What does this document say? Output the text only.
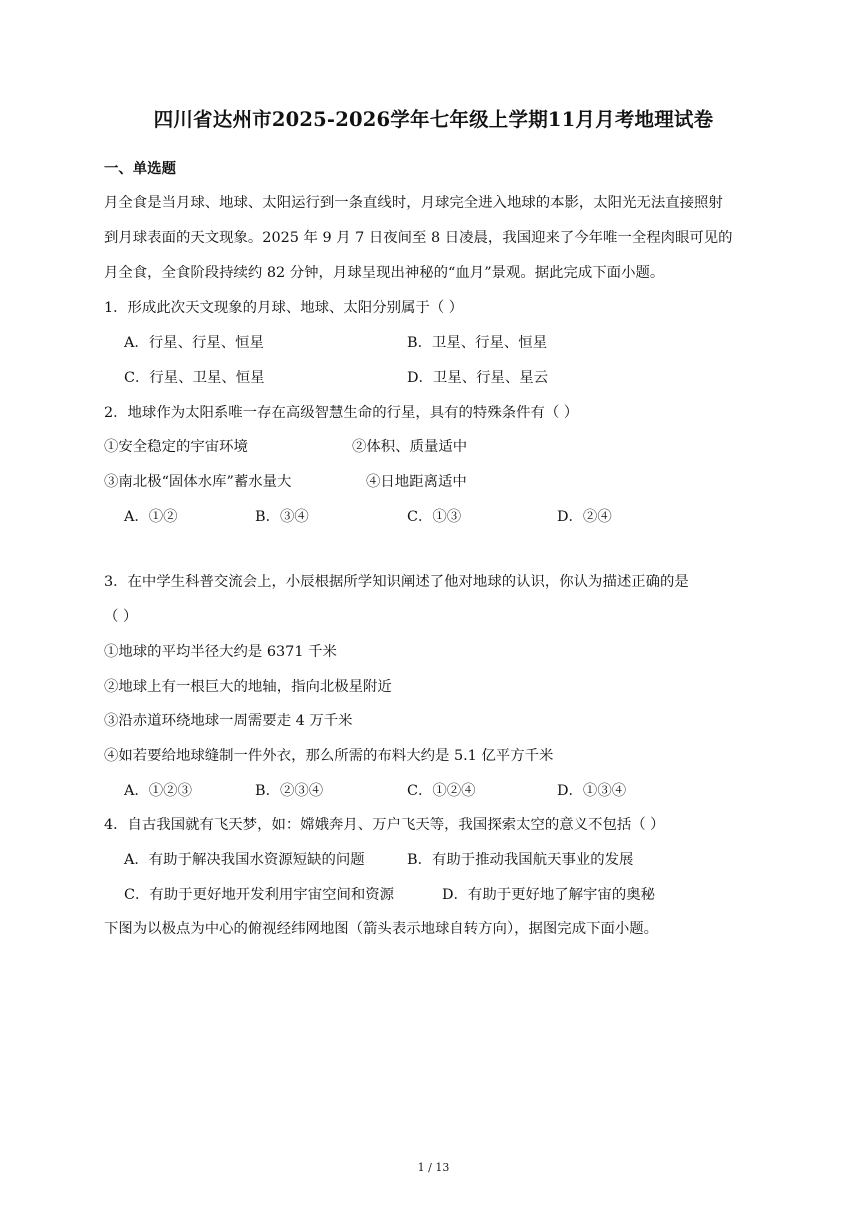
四川省达州市2025-2026学年七年级上学期11月月考地理试卷
一、单选题
月全食是当月球、地球、太阳运行到一条直线时，月球完全进入地球的本影，太阳光无法直接照射
到月球表面的天文现象。2025 年 9 月 7 日夜间至 8 日凌晨，我国迎来了今年唯一全程肉眼可见的
月全食，全食阶段持续约 82 分钟，月球呈现出神秘的“血月”景观。据此完成下面小题。
1．形成此次天文现象的月球、地球、太阳分别属于（ ）
A．行星、行星、恒星	B．卫星、行星、恒星
C．行星、卫星、恒星	D．卫星、行星、星云
2．地球作为太阳系唯一存在高级智慧生命的行星，具有的特殊条件有（ ）
①安全稳定的宇宙环境	②体积、质量适中
③南北极“固体水库”蓄水量大	④日地距离适中
A．①②	B．③④	C．①③	D．②④
3．在中学生科普交流会上，小辰根据所学知识阐述了他对地球的认识，你认为描述正确的是
（ ）
①地球的平均半径大约是 6371 千米
②地球上有一根巨大的地轴，指向北极星附近
③沿赤道环绕地球一周需要走 4 万千米
④如若要给地球缝制一件外衣，那么所需的布料大约是 5.1 亿平方千米
A．①②③	B．②③④	C．①②④	D．①③④
4．自古我国就有飞天梦，如：嫦娥奔月、万户飞天等，我国探索太空的意义不包括（ ）
A．有助于解决我国水资源短缺的问题	B．有助于推动我国航天事业的发展
C．有助于更好地开发利用宇宙空间和资源	D．有助于更好地了解宇宙的奥秘
下图为以极点为中心的俯视经纬网地图（箭头表示地球自转方向），据图完成下面小题。
1 / 13
